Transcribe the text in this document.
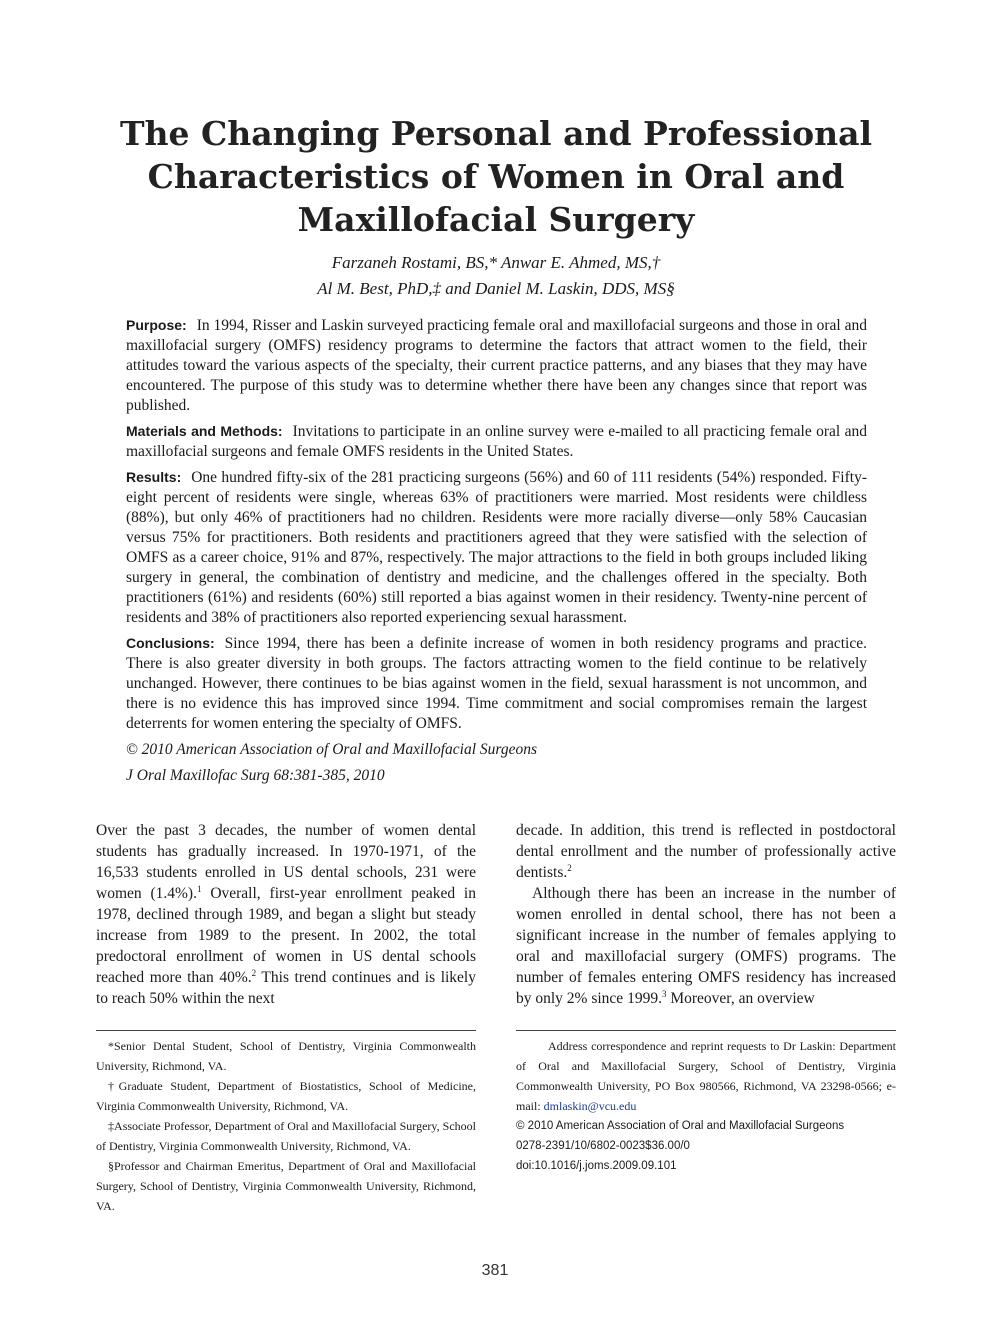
The Changing Personal and Professional Characteristics of Women in Oral and Maxillofacial Surgery
Farzaneh Rostami, BS,* Anwar E. Ahmed, MS,†
Al M. Best, PhD,‡ and Daniel M. Laskin, DDS, MS§

Purpose: In 1994, Risser and Laskin surveyed practicing female oral and maxillofacial surgeons and those in oral and maxillofacial surgery (OMFS) residency programs to determine the factors that attract women to the field, their attitudes toward the various aspects of the specialty, their current practice patterns, and any biases that they may have encountered. The purpose of this study was to determine whether there have been any changes since that report was published.

Materials and Methods: Invitations to participate in an online survey were e-mailed to all practicing female oral and maxillofacial surgeons and female OMFS residents in the United States.

Results: One hundred fifty-six of the 281 practicing surgeons (56%) and 60 of 111 residents (54%) responded. Fifty-eight percent of residents were single, whereas 63% of practitioners were married. Most residents were childless (88%), but only 46% of practitioners had no children. Residents were more racially diverse—only 58% Caucasian versus 75% for practitioners. Both residents and practitioners agreed that they were satisfied with the selection of OMFS as a career choice, 91% and 87%, respectively. The major attractions to the field in both groups included liking surgery in general, the combination of dentistry and medicine, and the challenges offered in the specialty. Both practitioners (61%) and residents (60%) still reported a bias against women in their residency. Twenty-nine percent of residents and 38% of practitioners also reported experiencing sexual harassment.

Conclusions: Since 1994, there has been a definite increase of women in both residency programs and practice. There is also greater diversity in both groups. The factors attracting women to the field continue to be relatively unchanged. However, there continues to be bias against women in the field, sexual harassment is not uncommon, and there is no evidence this has improved since 1994. Time commitment and social compromises remain the largest deterrents for women entering the specialty of OMFS.

© 2010 American Association of Oral and Maxillofacial Surgeons

J Oral Maxillofac Surg 68:381-385, 2010

Over the past 3 decades, the number of women dental students has gradually increased. In 1970-1971, of the 16,533 students enrolled in US dental schools, 231 were women (1.4%).$^1$ Overall, first-year enrollment peaked in 1978, declined through 1989, and began a slight but steady increase from 1989 to the present. In 2002, the total predoctoral enrollment of women in US dental schools reached more than 40%.$^2$ This trend continues and is likely to reach 50% within the next

decade. In addition, this trend is reflected in postdoctoral dental enrollment and the number of professionally active dentists.$^2$

Although there has been an increase in the number of women enrolled in dental school, there has not been a significant increase in the number of females applying to oral and maxillofacial surgery (OMFS) programs. The number of females entering OMFS residency has increased by only 2% since 1999.$^3$ Moreover, an overview

*Senior Dental Student, School of Dentistry, Virginia Commonwealth University, Richmond, VA.

†Graduate Student, Department of Biostatistics, School of Medicine, Virginia Commonwealth University, Richmond, VA.

‡Associate Professor, Department of Oral and Maxillofacial Surgery, School of Dentistry, Virginia Commonwealth University, Richmond, VA.

§Professor and Chairman Emeritus, Department of Oral and Maxillofacial Surgery, School of Dentistry, Virginia Commonwealth University, Richmond, VA.

Address correspondence and reprint requests to Dr Laskin: Department of Oral and Maxillofacial Surgery, School of Dentistry, Virginia Commonwealth University, PO Box 980566, Richmond, VA 23298-0566; e-mail: dmlaskin@vcu.edu

© 2010 American Association of Oral and Maxillofacial Surgeons

0278-2391/10/6802-0023$36.00/0

doi:10.1016/j.joms.2009.09.101

381
